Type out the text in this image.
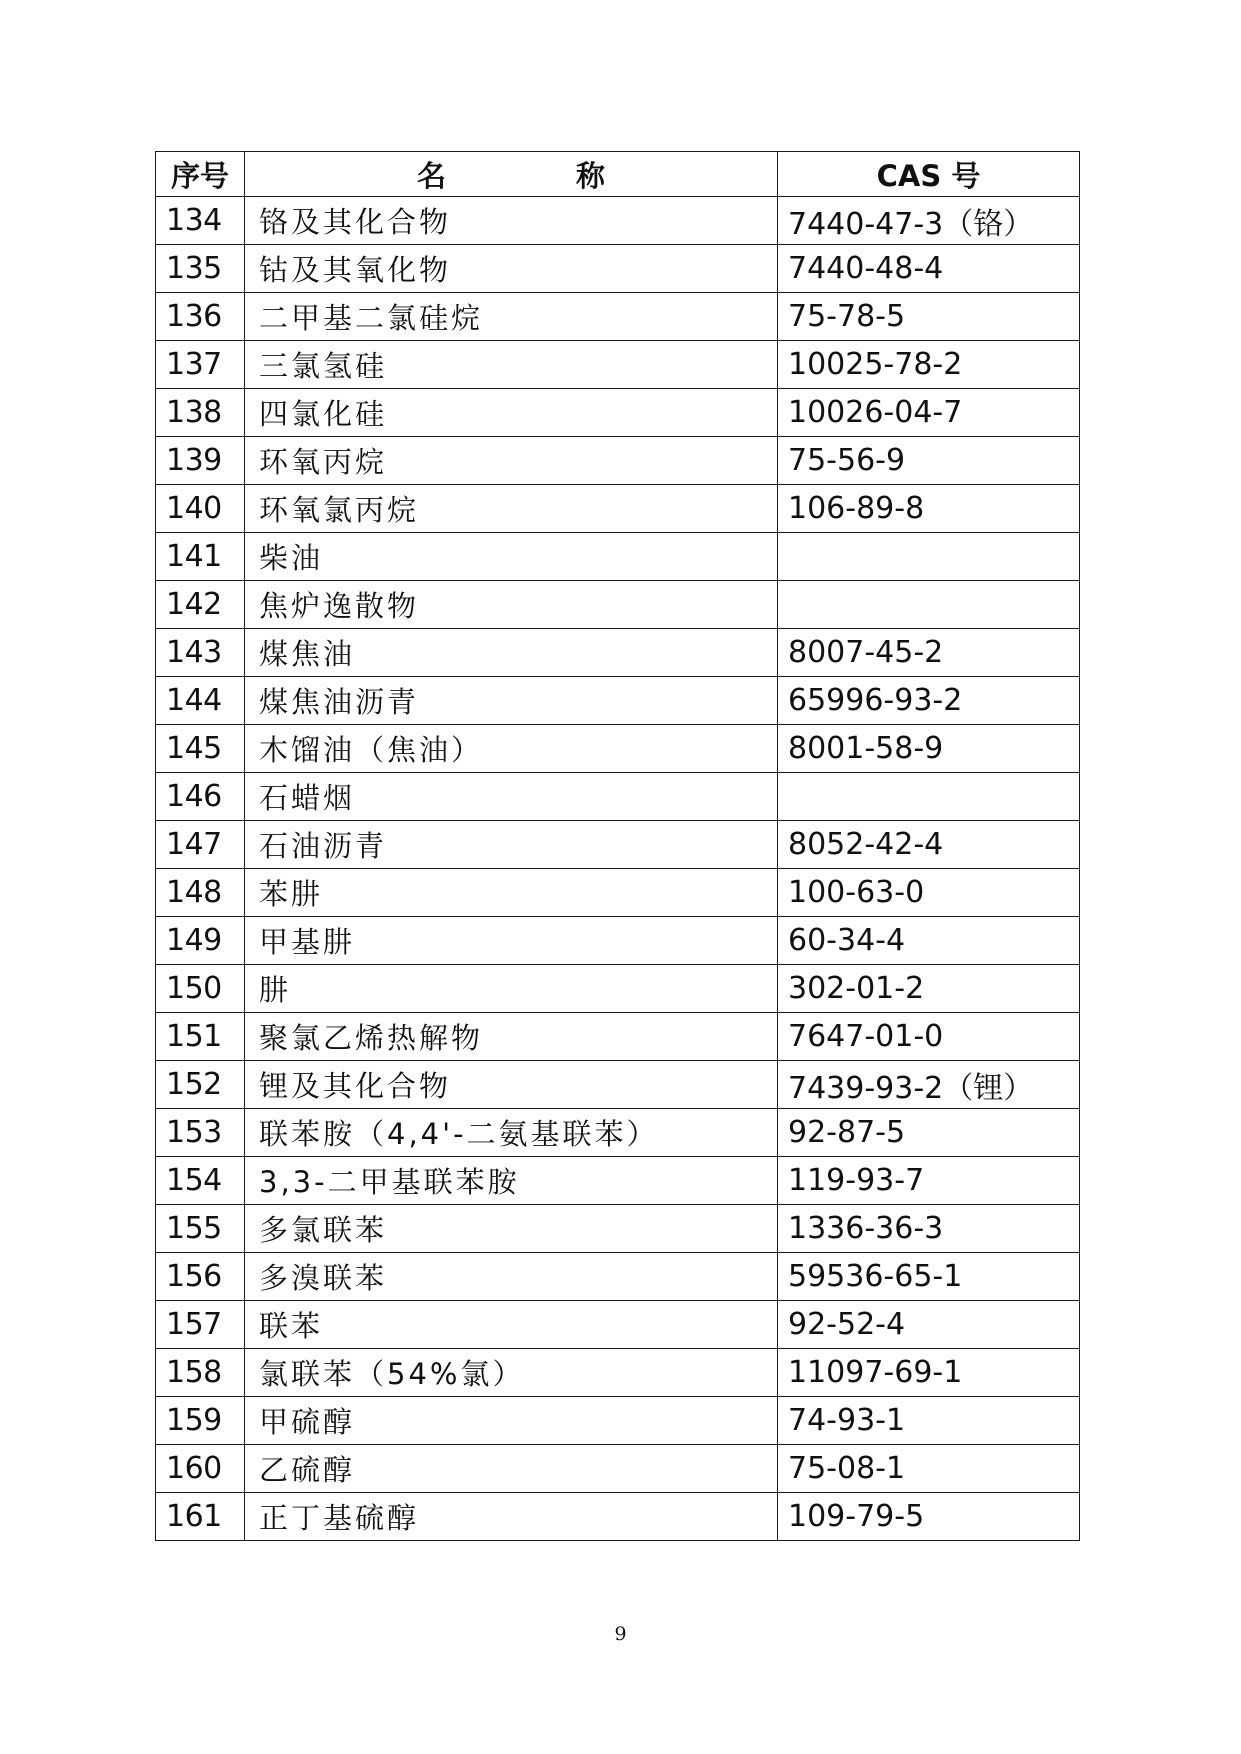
序号	名 称	CAS 号
134	铬及其化合物	7440-47-3（铬）
135	钴及其氧化物	7440-48-4
136	二甲基二氯硅烷	75-78-5
137	三氯氢硅	10025-78-2
138	四氯化硅	10026-04-7
139	环氧丙烷	75-56-9
140	环氧氯丙烷	106-89-8
141	柴油	
142	焦炉逸散物	
143	煤焦油	8007-45-2
144	煤焦油沥青	65996-93-2
145	木馏油（焦油）	8001-58-9
146	石蜡烟	
147	石油沥青	8052-42-4
148	苯肼	100-63-0
149	甲基肼	60-34-4
150	肼	302-01-2
151	聚氯乙烯热解物	7647-01-0
152	锂及其化合物	7439-93-2（锂）
153	联苯胺（4,4'-二氨基联苯）	92-87-5
154	3,3-二甲基联苯胺	119-93-7
155	多氯联苯	1336-36-3
156	多溴联苯	59536-65-1
157	联苯	92-52-4
158	氯联苯（54%氯）	11097-69-1
159	甲硫醇	74-93-1
160	乙硫醇	75-08-1
161	正丁基硫醇	109-79-5
9
